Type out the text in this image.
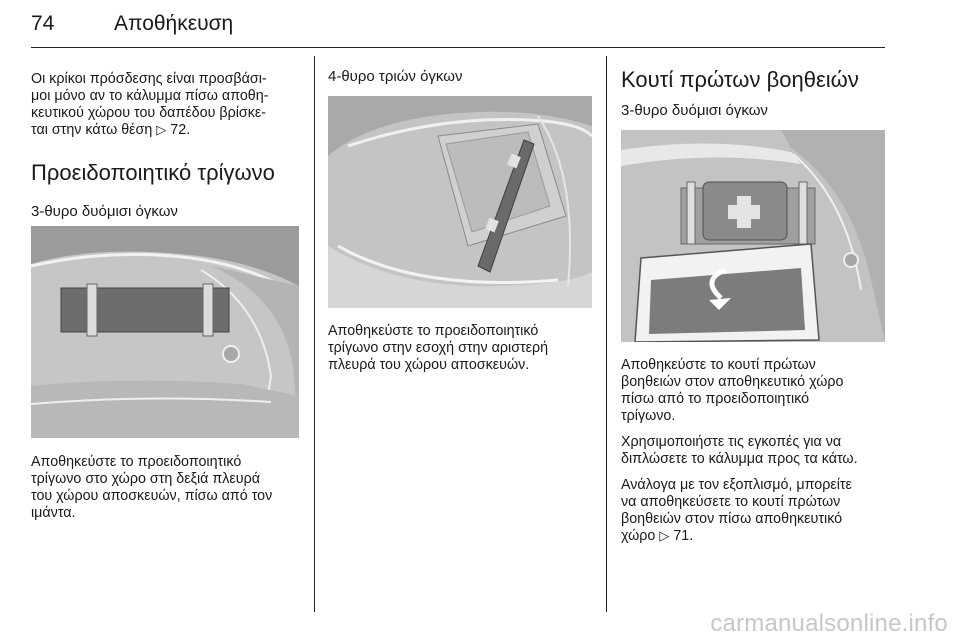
74	Αποθήκευση

Οι κρίκοι πρόσδεσης είναι προσβάσι-

μοι μόνο αν το κάλυμμα πίσω αποθη-

κευτικού χώρου του δαπέδου βρίσκε-

ται στην κάτω θέση ▷ 72.

Προειδοποιητικό τρίγωνο
3-θυρο δυόμισι όγκων

Αποθηκεύστε το προειδοποιητικό

τρίγωνο στο χώρο στη δεξιά πλευρά

του χώρου αποσκευών, πίσω από τον

ιμάντα.

4-θυρο τριών όγκων

Αποθηκεύστε το προειδοποιητικό

τρίγωνο στην εσοχή στην αριστερή

πλευρά του χώρου αποσκευών.

Κουτί πρώτων βοηθειών
3-θυρο δυόμισι όγκων

Αποθηκεύστε το κουτί πρώτων

βοηθειών στον αποθηκευτικό χώρο

πίσω από το προειδοποιητικό

τρίγωνο.

Χρησιμοποιήστε τις εγκοπές για να

διπλώσετε το κάλυμμα προς τα κάτω.

Ανάλογα με τον εξοπλισμό, μπορείτε

να αποθηκεύσετε το κουτί πρώτων

βοηθειών στον πίσω αποθηκευτικό

χώρο ▷ 71.

carmanualsonline.info
